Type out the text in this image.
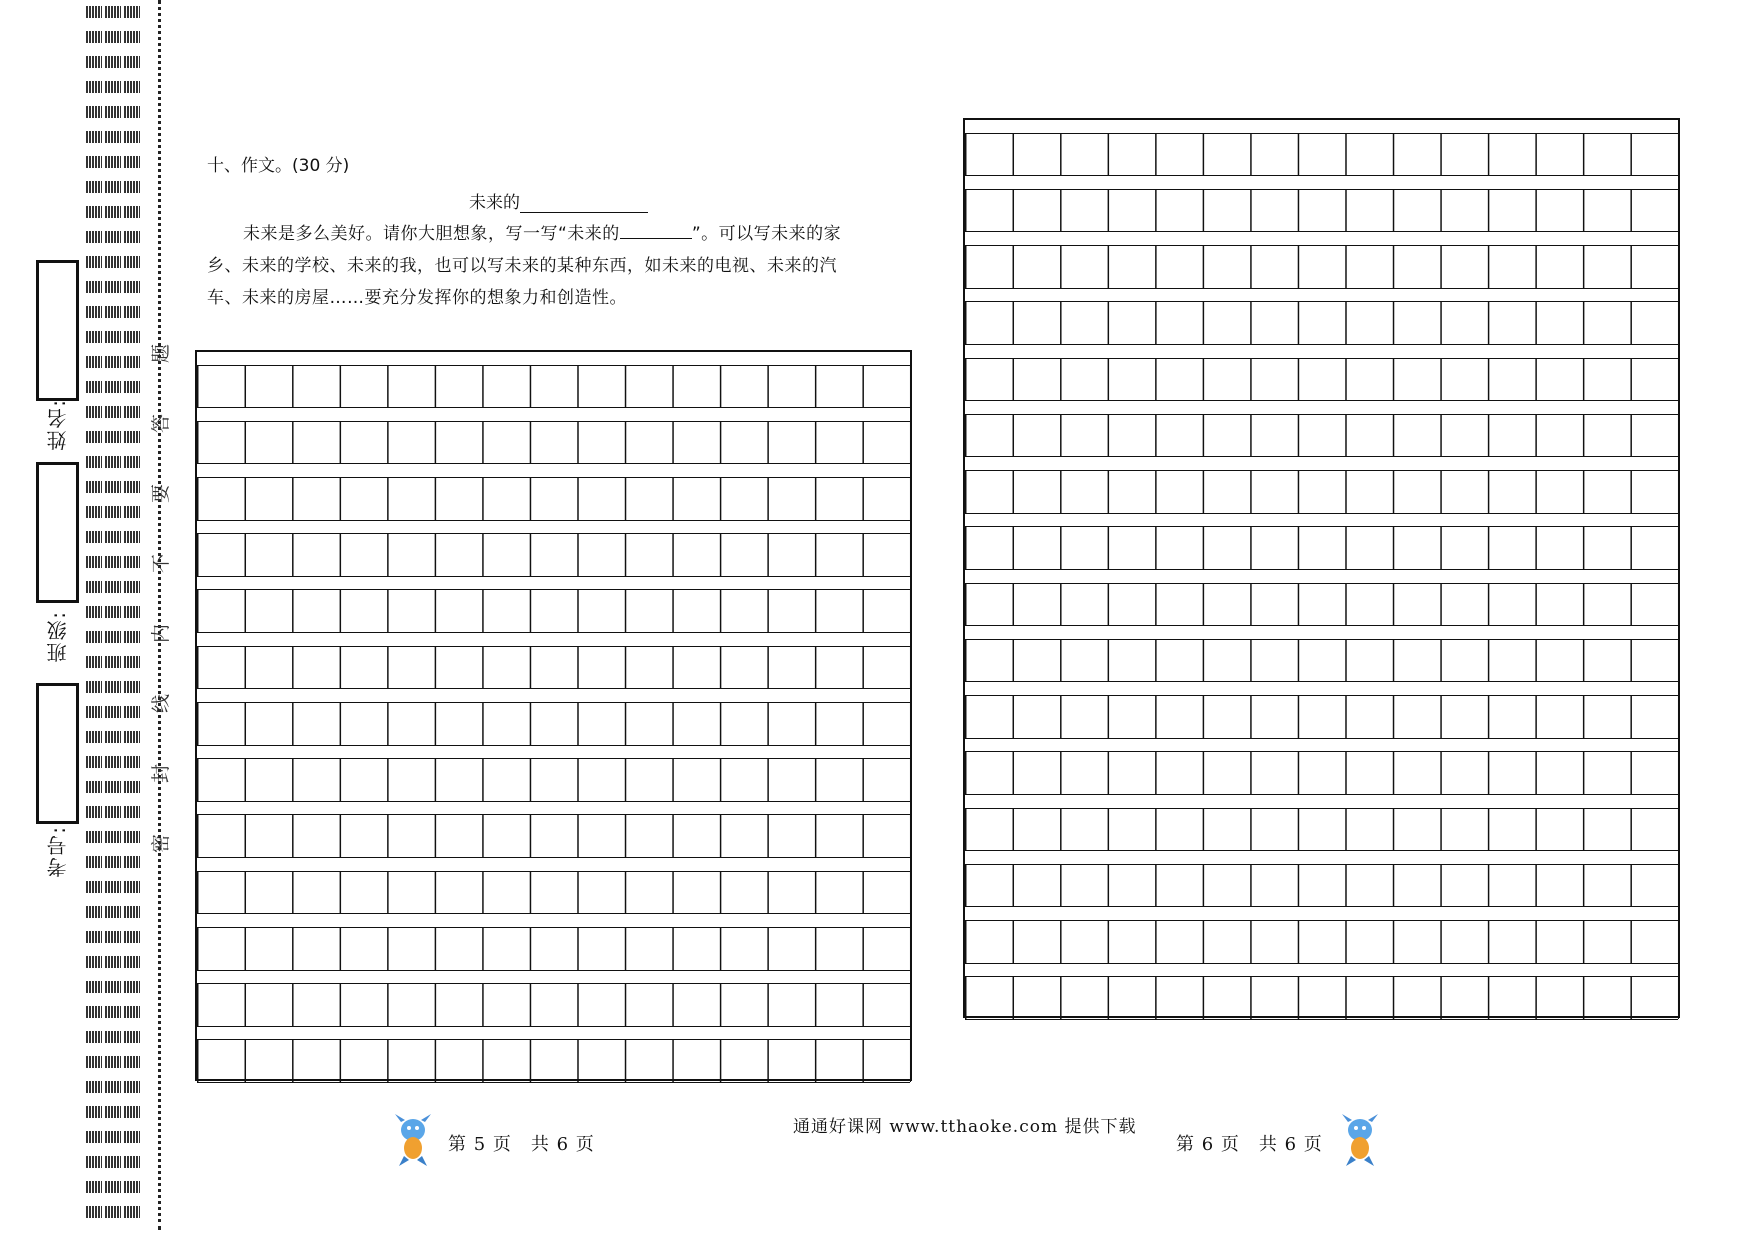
姓名:
班级:
考号:	密
封
线
内
不
要
答
题
十、作文。(30 分)
未来的
未来是多么美好。请你大胆想象，写一写“未来的	”。可以写未来的家乡、未来的学校、未来的我，也可以写未来的某种东西，如未来的电视、未来的汽车、未来的房屋……要充分发挥你的想象力和创造性。
第 5 页　共 6 页
通通好课网 www.tthaoke.com 提供下载
第 6 页　共 6 页
